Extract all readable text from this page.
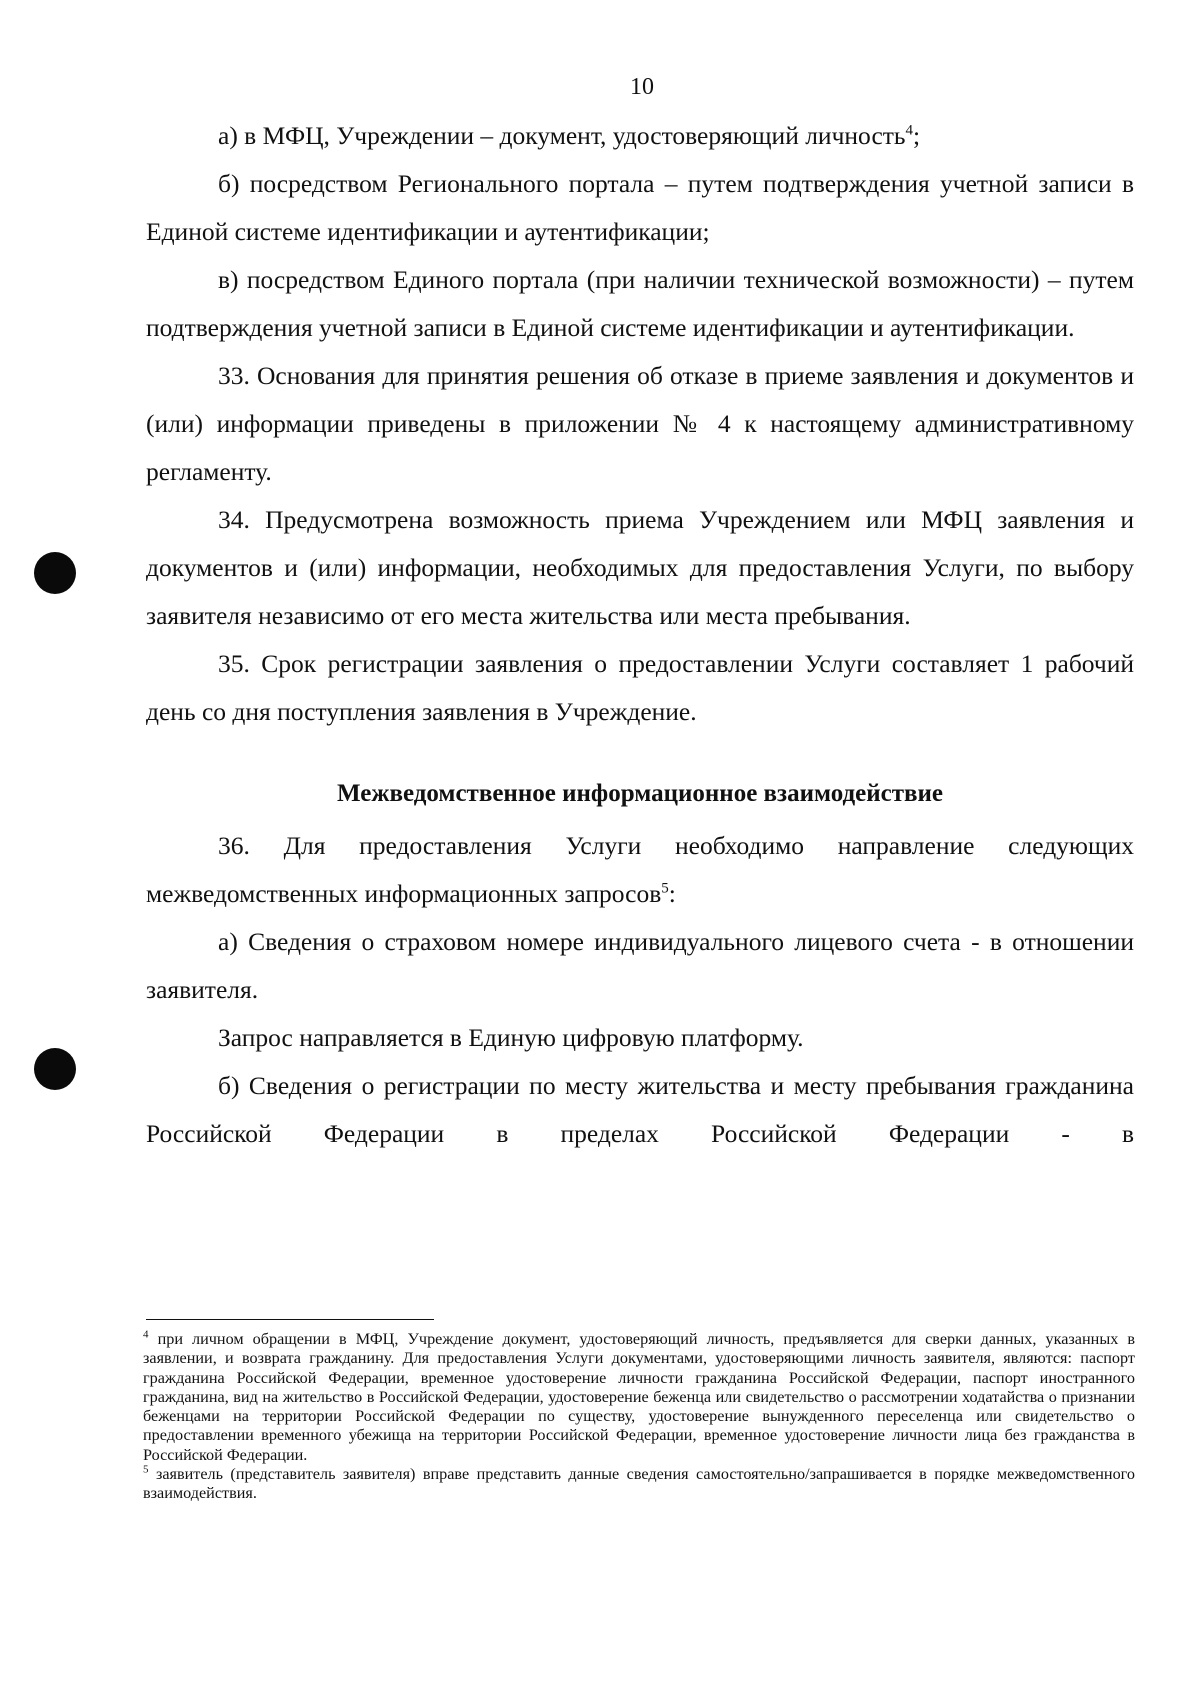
10

а) в МФЦ, Учреждении – документ, удостоверяющий личность$^4$;

б) посредством Регионального портала – путем подтверждения учетной записи в Единой системе идентификации и аутентификации;

в) посредством Единого портала (при наличии технической возможности) – путем подтверждения учетной записи в Единой системе идентификации и аутентификации.

33. Основания для принятия решения об отказе в приеме заявления и документов и (или) информации приведены в приложении № 4 к настоящему административному регламенту.

34. Предусмотрена возможность приема Учреждением или МФЦ заявления и документов и (или) информации, необходимых для предоставления Услуги, по выбору заявителя независимо от его места жительства или места пребывания.

35. Срок регистрации заявления о предоставлении Услуги составляет 1 рабочий день со дня поступления заявления в Учреждение.

Межведомственное информационное взаимодействие

36. Для предоставления Услуги необходимо направление следующих межведомственных информационных запросов$^5$:

а) Сведения о страховом номере индивидуального лицевого счета - в отношении заявителя.

Запрос направляется в Единую цифровую платформу.

б) Сведения о регистрации по месту жительства и месту пребывания гражданина Российской Федерации в пределах Российской Федерации - в

$^4$ при личном обращении в МФЦ, Учреждение документ, удостоверяющий личность, предъявляется для сверки данных, указанных в заявлении, и возврата гражданину. Для предоставления Услуги документами, удостоверяющими личность заявителя, являются: паспорт гражданина Российской Федерации, временное удостоверение личности гражданина Российской Федерации, паспорт иностранного гражданина, вид на жительство в Российской Федерации, удостоверение беженца или свидетельство о рассмотрении ходатайства о признании беженцами на территории Российской Федерации по существу, удостоверение вынужденного переселенца или свидетельство о предоставлении временного убежища на территории Российской Федерации, временное удостоверение личности лица без гражданства в Российской Федерации.

$^5$ заявитель (представитель заявителя) вправе представить данные сведения самостоятельно/запрашивается в порядке межведомственного взаимодействия.
